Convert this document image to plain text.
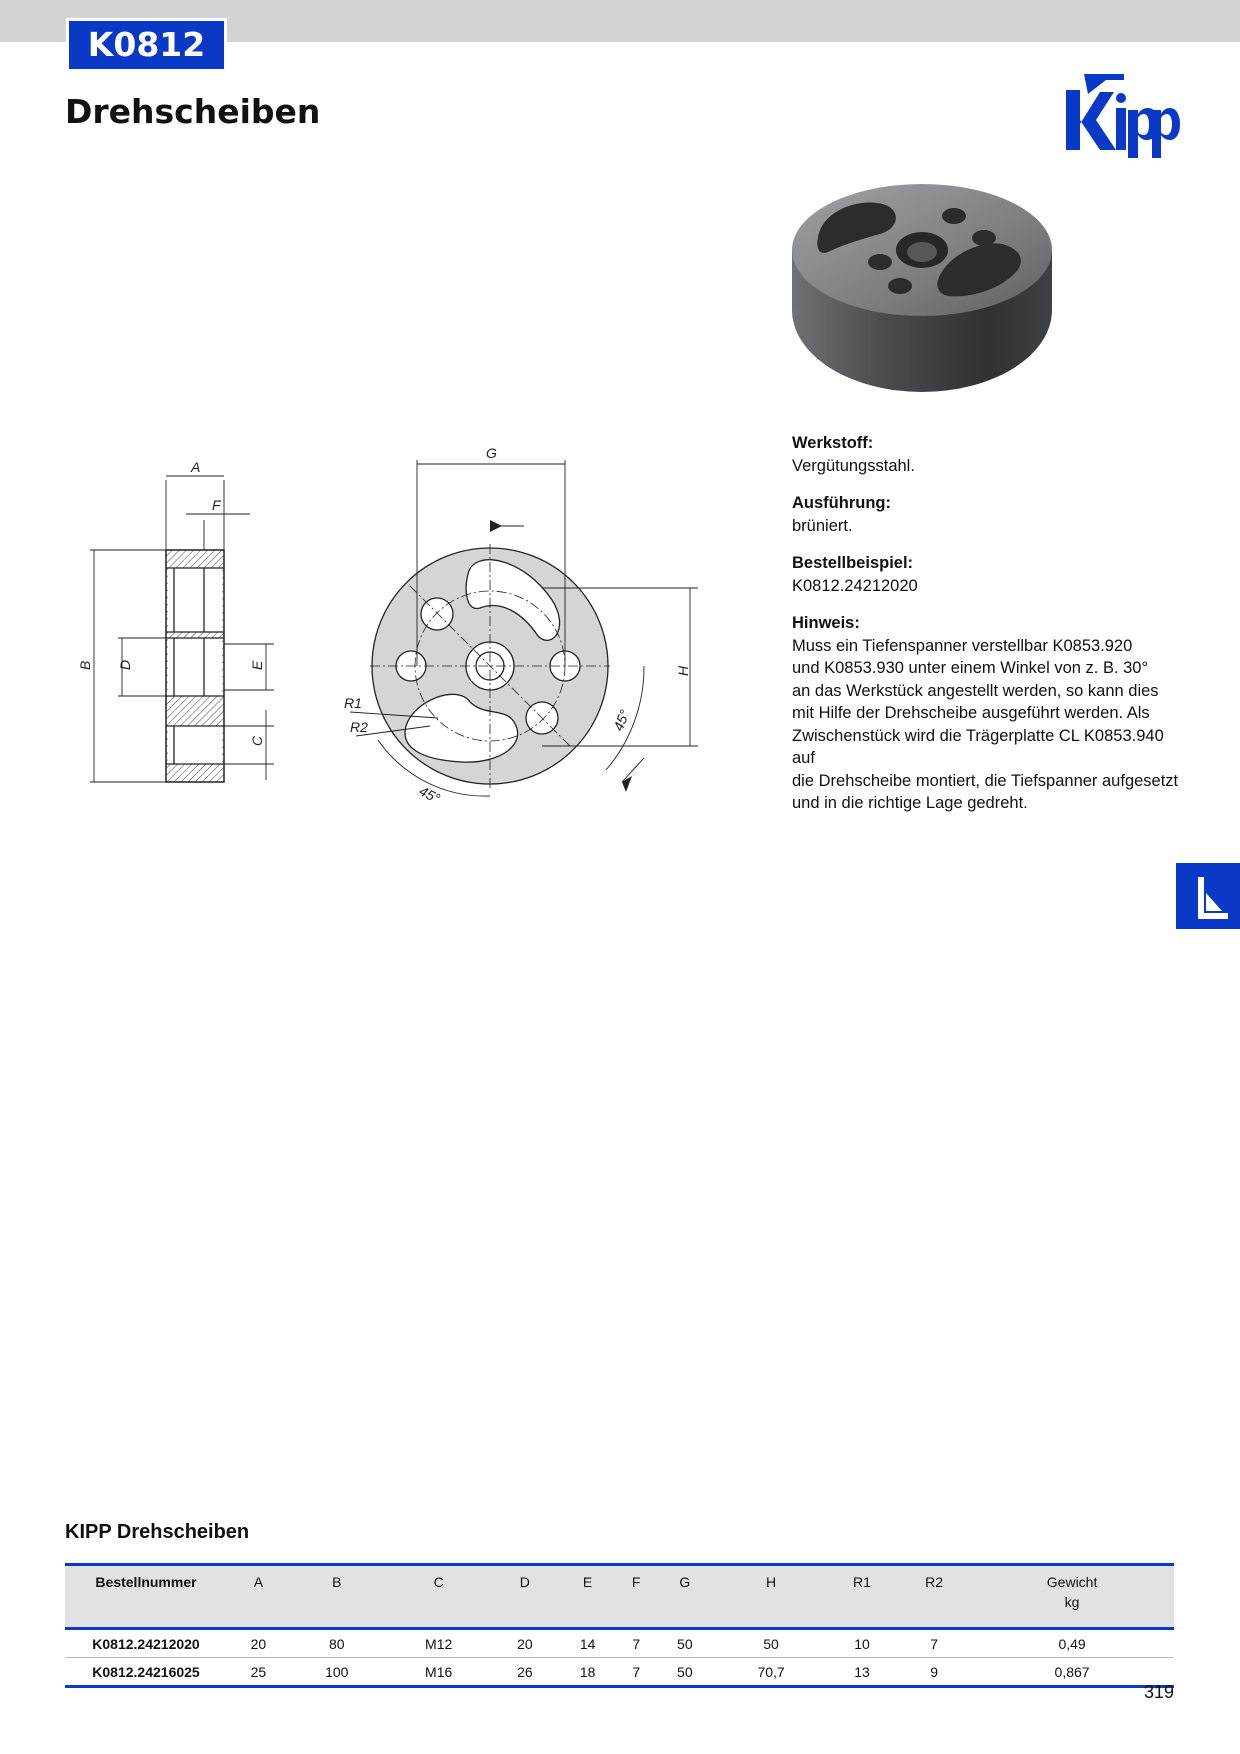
K0812
Drehscheiben
A
F
B D	E
C
G
H
R1
R2	45°
45°
Werkstoff:
Vergütungsstahl.
Ausführung:
brüniert.
Bestellbeispiel:
K0812.24212020
Hinweis:
Muss ein Tiefenspanner verstellbar K0853.920
und K0853.930 unter einem Winkel von z. B. 30°
an das Werkstück angestellt werden, so kann dies
mit Hilfe der Drehscheibe ausgeführt werden. Als
Zwischenstück wird die Trägerplatte CL K0853.940 auf
die Drehscheibe montiert, die Tiefspanner aufgesetzt
und in die richtige Lage gedreht.
KIPP Drehscheiben
Bestellnummer	A	B	C	D	E	F	G	H	R1	R2	Gewicht
kg

K0812.24212020	20	80	M12	20	14	7	50	50	10	7	0,49
K0812.24216025	25	100	M16	26	18	7	50	70,7	13	9	0,867
319
